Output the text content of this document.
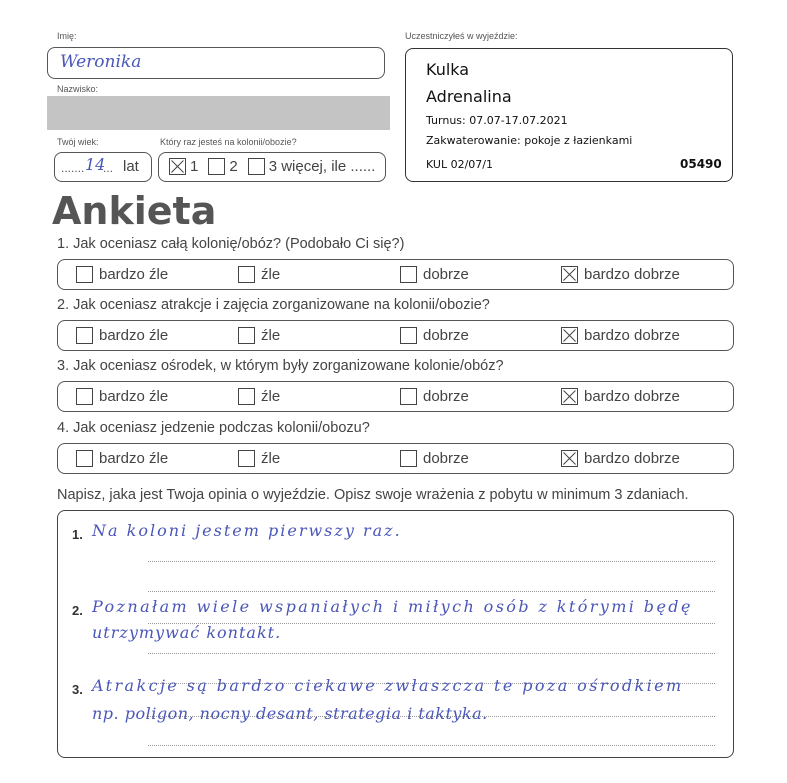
Imię:
Weronika
Nazwisko:
Twój wiek:	Który raz jesteś na kolonii/obozie?
....... 14
... lat	1 2 3 więcej, ile ......
Uczestniczyłeś w wyjeździe:
Kulka
Adrenalina
Turnus: 07.07-17.07.2021
Zakwaterowanie: pokoje z łazienkami
KUL 02/07/1	05490
Ankieta
1. Jak oceniasz całą kolonię/obóz? (Podobało Ci się?)
bardzo źle	źle	dobrze	bardzo dobrze
2. Jak oceniasz atrakcje i zajęcia zorganizowane na kolonii/obozie?
bardzo źle	źle	dobrze	bardzo dobrze
3. Jak oceniasz ośrodek, w którym były zorganizowane kolonie/obóz?
bardzo źle	źle	dobrze	bardzo dobrze
4. Jak oceniasz jedzenie podczas kolonii/obozu?
bardzo źle	źle	dobrze	bardzo dobrze
Napisz, jaka jest Twoja opinia o wyjeździe. Opisz swoje wrażenia z pobytu w minimum 3 zdaniach.
1. Na koloni jestem pierwszy raz.
2. Poznałam wiele wspaniałych i miłych osób z którymi będę
utrzymywać kontakt.
3. Atrakcje są bardzo ciekawe zwłaszcza te poza ośrodkiem
np. poligon, nocny desant, strategia i taktyka.
